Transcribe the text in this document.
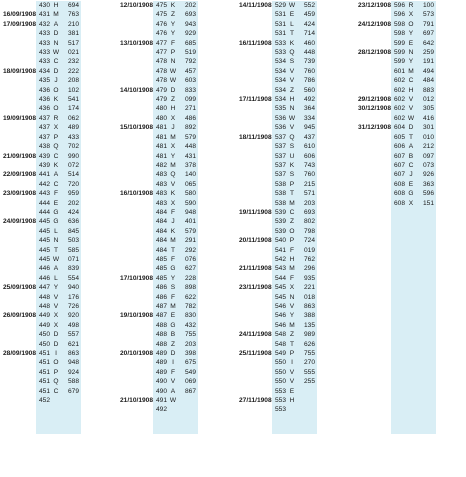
430 H	694
16/09/1908 431 M	763
17/09/1908 432 A	210
433 D	381
433 N	517
433 W	021
433 C	232
18/09/1908 434 D	222
435 J	208
436 O	102
436 K	541
436 O	174
19/09/1908 437 R	062
437 X	489
437 P	433
438 Q	702
21/09/1908 439 C	990
439 K	072
22/09/1908 441 A	514
442 C	720
23/09/1908 443 F	959
444 E	202
444 G	424
24/09/1908 445 G	636
445 L	845
445 N	503
445 T	585
445 W	071
446 A	839
446 L	554
25/09/1908 447 Y	940
448 V	176
448 V	726
26/09/1908 449 X	920
449 X	498
450 D	557
450 D	621
28/09/1908 451 I	863
451 O	948
451 P	924
451 Q	588
451 C	679
452
12/10/1908 475 K	202
475 Z	693
476 Y	943
476 Y	929
13/10/1908 477 F	685
477 P	519
478 N	792
478 W	457
478 W	603
14/10/1908 479 D	833
479 Z	099
480 H	271
480 X	486
15/10/1908 481 J	892
481 M	579
481 X	448
481 Y	431
482 M	378
483 Q	140
483 V	065
16/10/1908 483 K	580
483 X	590
484 F	948
484 J	401
484 K	579
484 M	291
484 T	292
485 F	076
485 G	627
17/10/1908 485 Y	228
486 S	898
486 F	622
487 M	782
19/10/1908 487 E	830
488 G	432
488 B	755
488 Z	203
20/10/1908 489 D	398
489 I	675
489 F	549
490 V	069
490 A	867
21/10/1908 491 W
492
14/11/1908 529 W	552
531 E	459
531 L	424
531 T	714
16/11/1908 533 K	460
533 Q	448
534 S	739
534 V	760
534 V	786
534 Z	560
17/11/1908 534 H	492
535 N	364
536 W	334
536 V	945
18/11/1908 537 Q	437
537 S	610
537 U	606
537 K	743
537 S	760
538 P	215
538 T	571
538 M	203
19/11/1908 539 C	693
539 Z	802
539 O	798
20/11/1908 540 P	724
541 F	019
542 H	762
21/11/1908 543 M	296
544 F	935
23/11/1908 545 X	221
545 N	018
546 V	863
546 Y	388
546 M	135
24/11/1908 548 Z	989
548 T	626
25/11/1908 549 P	755
550 I	270
550 V	555
550 V	255
553 E
27/11/1908 553 H
553
23/12/1908 596 R	100
596 X	573
24/12/1908 598 O	791
598 Y	697
599 E	642
28/12/1908 599 N	259
599 Y	191
601 M	494
602 C	484
602 H	883
29/12/1908 602 V	012
30/12/1908 602 V	305
602 W	416
31/12/1908 604 D	301
605 T	010
606 A	212
607 B	097
607 C	073
607 J	926
608 E	363
608 G	596
608 X	151
